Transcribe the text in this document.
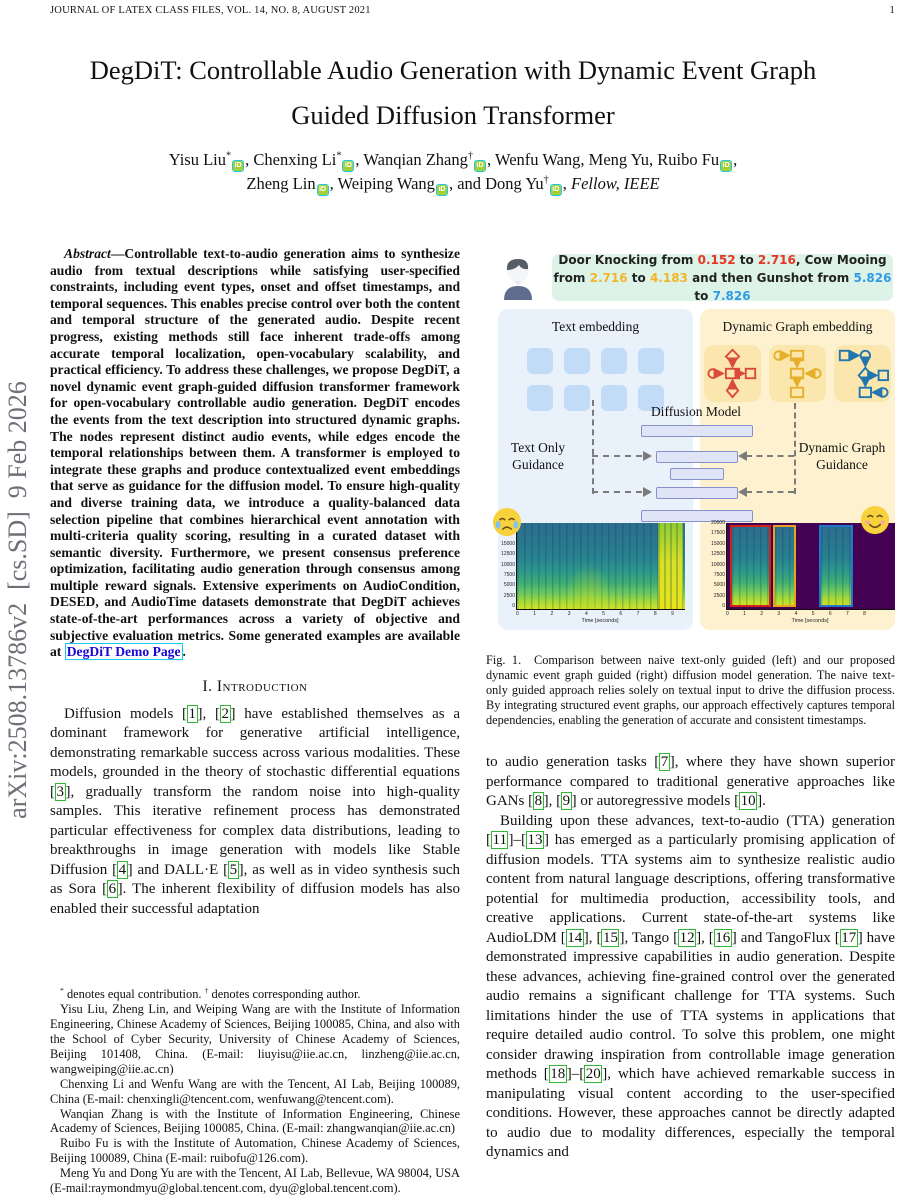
JOURNAL OF LATEX CLASS FILES, VOL. 14, NO. 8, AUGUST 2021	1
arXiv:2508.13786v2  [cs.SD]  9 Feb 2026
DegDiT: Controllable Audio Generation with Dynamic Event Graph
Guided Diffusion Transformer
Yisu Liu*
iD , Chenxing Li*
iD , Wanqian Zhang†
iD , Wenfu Wang, Meng Yu, Ruibo Fu iD ,
Zheng Lin iD , Weiping Wang iD , and Dong Yu†
iD , Fellow, IEEE

Abstract—Controllable text-to-audio generation aims to synthesize audio from textual descriptions while satisfying user-specified constraints, including event types, onset and offset timestamps, and temporal sequences. This enables precise control over both the content and temporal structure of the generated audio. Despite recent progress, existing methods still face inherent trade-offs among accurate temporal localization, open-vocabulary scalability, and practical efficiency. To address these challenges, we propose DegDiT, a novel dynamic event graph-guided diffusion transformer framework for open-vocabulary controllable audio generation. DegDiT encodes the events from the text description into structured dynamic graphs. The nodes represent distinct audio events, while edges encode the temporal relationships between them. A transformer is employed to integrate these graphs and produce contextualized event embeddings that serve as guidance for the diffusion model. To ensure high-quality and diverse training data, we introduce a quality-balanced data selection pipeline that combines hierarchical event annotation with multi-criteria quality scoring, resulting in a curated dataset with semantic diversity. Furthermore, we present consensus preference optimization, facilitating audio generation through consensus among multiple reward signals. Extensive experiments on AudioCondition, DESED, and AudioTime datasets demonstrate that DegDiT achieves state-of-the-art performances across a variety of objective and subjective evaluation metrics. Some generated examples are available at DegDiT Demo Page .

I. Introduction

Diffusion models [ 1 ], [ 2 ] have established themselves as a dominant framework for generative artificial intelligence, demonstrating remarkable success across various modalities. These models, grounded in the theory of stochastic differential equations [ 3 ], gradually transform the random noise into high-quality samples. This iterative refinement process has demonstrated particular effectiveness for complex data distributions, leading to breakthroughs in image generation with models like Stable Diffusion [ 4 ] and DALL·E [ 5 ], as well as in video synthesis such as Sora [ 6 ]. The inherent flexibility of diffusion models has also enabled their successful adaptation

* denotes equal contribution. † denotes corresponding author.

Yisu Liu, Zheng Lin, and Weiping Wang are with the Institute of Information Engineering, Chinese Academy of Sciences, Beijing 100085, China, and also with the School of Cyber Security, University of Chinese Academy of Sciences, Beijing 101408, China. (E-mail: liuyisu@iie.ac.cn, linzheng@iie.ac.cn, wangweiping@iie.ac.cn)

Chenxing Li and Wenfu Wang are with the Tencent, AI Lab, Beijing 100089, China (E-mail: chenxingli@tencent.com, wenfuwang@tencent.com).

Wanqian Zhang is with the Institute of Information Engineering, Chinese Academy of Sciences, Beijing 100085, China. (E-mail: zhangwanqian@iie.ac.cn)

Ruibo Fu is with the Institute of Automation, Chinese Academy of Sciences, Beijing 100089, China (E-mail: ruibofu@126.com).

Meng Yu and Dong Yu are with the Tencent, AI Lab, Bellevue, WA 98004, USA (E-mail:raymondmyu@global.tencent.com, dyu@global.tencent.com).

Door Knocking from 0.152 to 2.716, Cow Mooing from 2.716 to 4.183 and then Gunshot from 5.826 to 7.826
Text embedding	Dynamic Graph embedding
Diffusion Model
Text Only
Guidance
Dynamic Graph
Guidance
15000
12500
10000
7500
5000
2500
0
0	1	2	3	4	5	6	7	8	9
Time [seconds]
20000
17500
15000
12500
10000
7500
5000
2500
0
0	1	2	3	4	5	6	7	8
Time [seconds]
Fig. 1.  Comparison between naive text-only guided (left) and our proposed dynamic event graph guided (right) diffusion model generation. The naive text-only guided approach relies solely on textual input to drive the diffusion process. By integrating structured event graphs, our approach effectively captures temporal dependencies, enabling the generation of accurate and consistent timestamps.

to audio generation tasks [ 7 ], where they have shown superior performance compared to traditional generative approaches like GANs [ 8 ], [ 9 ] or autoregressive models [ 10 ].

Building upon these advances, text-to-audio (TTA) generation [ 11 ]–[ 13 ] has emerged as a particularly promising application of diffusion models. TTA systems aim to synthesize realistic audio content from natural language descriptions, offering transformative potential for multimedia production, accessibility tools, and creative applications. Current state-of-the-art systems like AudioLDM [ 14 ], [ 15 ], Tango [ 12 ], [ 16 ] and TangoFlux [ 17 ] have demonstrated impressive capabilities in audio generation. Despite these advances, achieving fine-grained control over the generated audio remains a significant challenge for TTA systems. Such limitations hinder the use of TTA systems in applications that require detailed audio control. To solve this problem, one might consider drawing inspiration from controllable image generation methods [ 18 ]–[ 20 ], which have achieved remarkable success in manipulating visual content according to the user-specified conditions. However, these approaches cannot be directly adapted to audio due to modality differences, especially the temporal dynamics and
